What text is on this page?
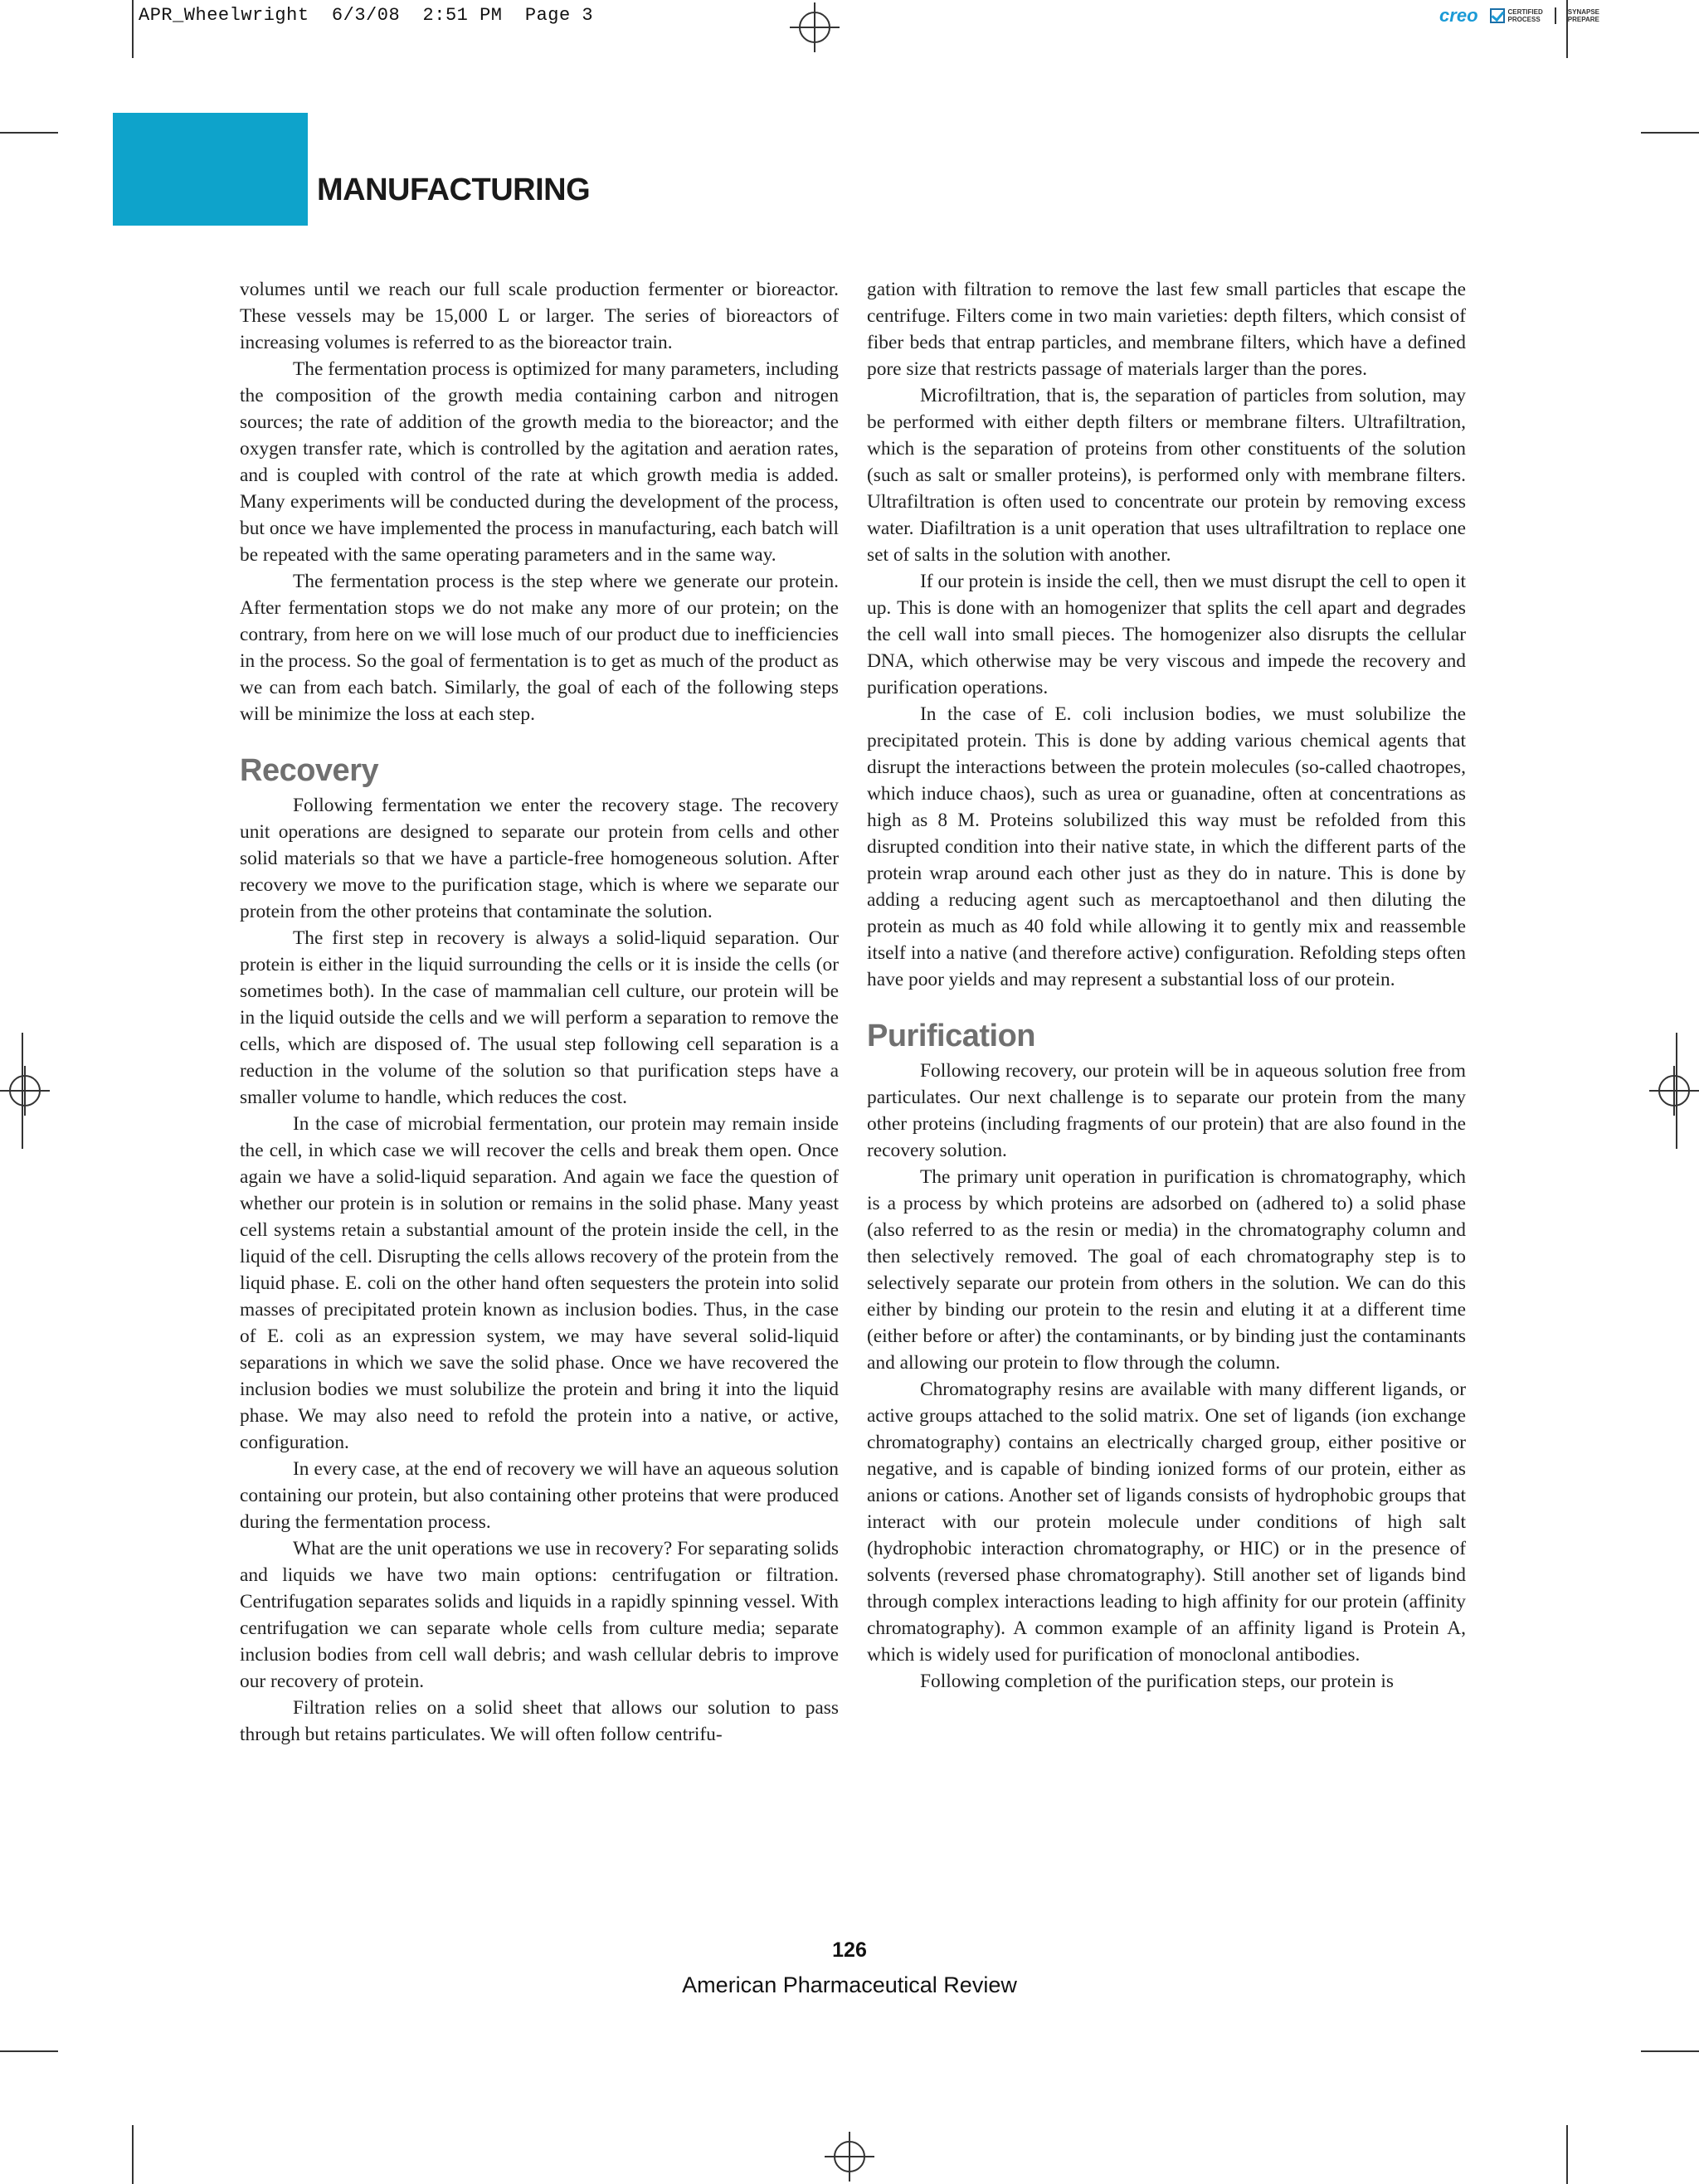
APR_Wheelwright  6/3/08  2:51 PM  Page 3	creo	CERTIFIED
PROCESS
SYNAPSE
PREPARE
MANUFACTURING

volumes until we reach our full scale production fermenter or bioreactor. These vessels may be 15,000 L or larger. The series of bioreactors of increasing volumes is referred to as the bioreactor train.

The fermentation process is optimized for many parameters, including the composition of the growth media containing carbon and nitrogen sources; the rate of addition of the growth media to the bioreactor; and the oxygen transfer rate, which is controlled by the agitation and aeration rates, and is coupled with control of the rate at which growth media is added. Many experiments will be conducted during the development of the process, but once we have implemented the process in manufacturing, each batch will be repeated with the same operating parameters and in the same way.

The fermentation process is the step where we generate our protein. After fermentation stops we do not make any more of our protein; on the contrary, from here on we will lose much of our product due to inefficiencies in the process. So the goal of fermentation is to get as much of the product as we can from each batch. Similarly, the goal of each of the following steps will be minimize the loss at each step.

Recovery

Following fermentation we enter the recovery stage. The recovery unit operations are designed to separate our protein from cells and other solid materials so that we have a particle-free homogeneous solution. After recovery we move to the purification stage, which is where we separate our protein from the other proteins that contaminate the solution.

The first step in recovery is always a solid-liquid separation. Our protein is either in the liquid surrounding the cells or it is inside the cells (or sometimes both). In the case of mammalian cell culture, our protein will be in the liquid outside the cells and we will perform a separation to remove the cells, which are disposed of. The usual step following cell separation is a reduction in the volume of the solution so that purification steps have a smaller volume to handle, which reduces the cost.

In the case of microbial fermentation, our protein may remain inside the cell, in which case we will recover the cells and break them open. Once again we have a solid-liquid separation. And again we face the question of whether our protein is in solution or remains in the solid phase. Many yeast cell systems retain a substantial amount of the protein inside the cell, in the liquid of the cell. Disrupting the cells allows recovery of the protein from the liquid phase. E. coli on the other hand often sequesters the protein into solid masses of precipitated protein known as inclusion bodies. Thus, in the case of E. coli as an expression system, we may have several solid-liquid separations in which we save the solid phase. Once we have recovered the inclusion bodies we must solubilize the protein and bring it into the liquid phase. We may also need to refold the protein into a native, or active, configuration.

In every case, at the end of recovery we will have an aqueous solution containing our protein, but also containing other proteins that were produced during the fermentation process.

What are the unit operations we use in recovery? For separating solids and liquids we have two main options: centrifugation or filtration. Centrifugation separates solids and liquids in a rapidly spinning vessel. With centrifugation we can separate whole cells from culture media; separate inclusion bodies from cell wall debris; and wash cellular debris to improve our recovery of protein.

Filtration relies on a solid sheet that allows our solution to pass through but retains particulates. We will often follow centrifu-

gation with filtration to remove the last few small particles that escape the centrifuge. Filters come in two main varieties: depth filters, which consist of fiber beds that entrap particles, and membrane filters, which have a defined pore size that restricts passage of materials larger than the pores.

Microfiltration, that is, the separation of particles from solution, may be performed with either depth filters or membrane filters. Ultrafiltration, which is the separation of proteins from other constituents of the solution (such as salt or smaller proteins), is performed only with membrane filters. Ultrafiltration is often used to concentrate our protein by removing excess water. Diafiltration is a unit operation that uses ultrafiltration to replace one set of salts in the solution with another.

If our protein is inside the cell, then we must disrupt the cell to open it up. This is done with an homogenizer that splits the cell apart and degrades the cell wall into small pieces. The homogenizer also disrupts the cellular DNA, which otherwise may be very viscous and impede the recovery and purification operations.

In the case of E. coli inclusion bodies, we must solubilize the precipitated protein. This is done by adding various chemical agents that disrupt the interactions between the protein molecules (so-called chaotropes, which induce chaos), such as urea or guanadine, often at concentrations as high as 8 M. Proteins solubilized this way must be refolded from this disrupted condition into their native state, in which the different parts of the protein wrap around each other just as they do in nature. This is done by adding a reducing agent such as mercaptoethanol and then diluting the protein as much as 40 fold while allowing it to gently mix and reassemble itself into a native (and therefore active) configuration. Refolding steps often have poor yields and may represent a substantial loss of our protein.

Purification

Following recovery, our protein will be in aqueous solution free from particulates. Our next challenge is to separate our protein from the many other proteins (including fragments of our protein) that are also found in the recovery solution.

The primary unit operation in purification is chromatography, which is a process by which proteins are adsorbed on (adhered to) a solid phase (also referred to as the resin or media) in the chromatography column and then selectively removed. The goal of each chromatography step is to selectively separate our protein from others in the solution. We can do this either by binding our protein to the resin and eluting it at a different time (either before or after) the contaminants, or by binding just the contaminants and allowing our protein to flow through the column.

Chromatography resins are available with many different ligands, or active groups attached to the solid matrix. One set of ligands (ion exchange chromatography) contains an electrically charged group, either positive or negative, and is capable of binding ionized forms of our protein, either as anions or cations. Another set of ligands consists of hydrophobic groups that interact with our protein molecule under conditions of high salt (hydrophobic interaction chromatography, or HIC) or in the presence of solvents (reversed phase chromatography). Still another set of ligands bind through complex interactions leading to high affinity for our protein (affinity chromatography). A common example of an affinity ligand is Protein A, which is widely used for purification of monoclonal antibodies.

Following completion of the purification steps, our protein is

126
American Pharmaceutical Review
